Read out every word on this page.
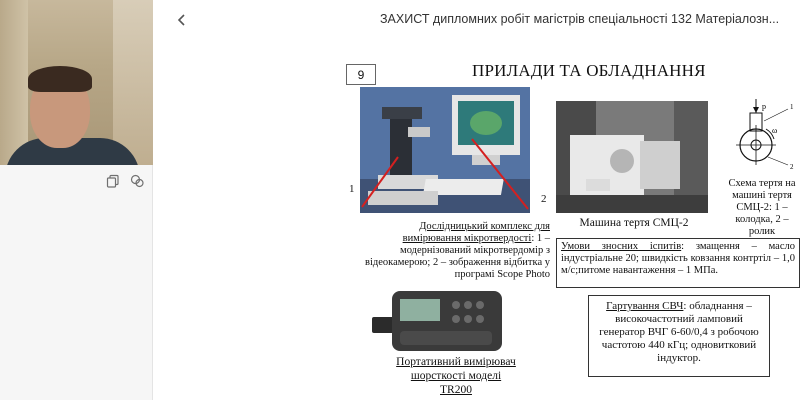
ЗАХИСТ дипломних робіт магістрів спеціальності 132 Матеріалозн...
9	ПРИЛАДИ ТА ОБЛАДНАННЯ
1
2
Дослідницький комплекс для вимірювання мікротвердості: 1 – модернізований мікротвердомір з відеокамерою; 2 – зображення відбитка у програмі Scope Photo
Машина тертя СМЦ-2
p
ω
1
2
Схема тертя на машині тертя СМЦ-2: 1 – колодка, 2 – ролик
Умови зносних іспитів: змащення – масло індустріальне 20; швидкість ковзання контртіл – 1,0 м/с;питоме навантаження – 1 МПа.
Портативний вимірювач шорсткості моделі TR200
Гартування СВЧ: обладнання – високочастотний ламповий генератор ВЧГ 6-60/0,4 з робочою частотою 440 кГц; одновитковий індуктор.
